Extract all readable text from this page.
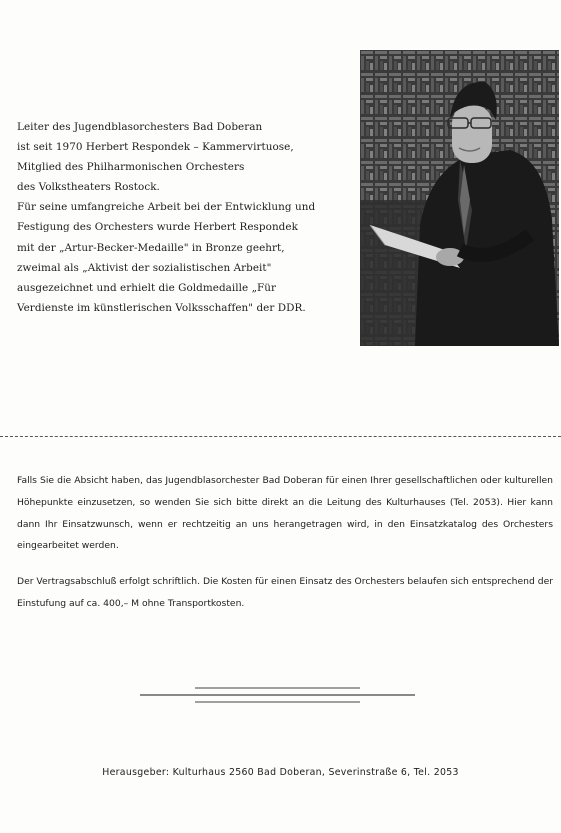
Leiter des Jugendblasorchesters Bad Doberan
ist seit 1970 Herbert Respondek – Kammervirtuose,
Mitglied des Philharmonischen Orchesters
des Volkstheaters Rostock.
Für seine umfangreiche Arbeit bei der Entwicklung und
Festigung des Orchesters wurde Herbert Respondek
mit der „Artur-Becker-Medaille" in Bronze geehrt,
zweimal als „Aktivist der sozialistischen Arbeit"
ausgezeichnet und erhielt die Goldmedaille „Für
Verdienste im künstlerischen Volksschaffen" der DDR.

Falls Sie die Absicht haben, das Jugendblasorchester Bad Doberan für einen Ihrer gesellschaftlichen oder kulturellen Höhepunkte einzusetzen, so wenden Sie sich bitte direkt an die Leitung des Kulturhauses (Tel. 2053). Hier kann dann Ihr Einsatzwunsch, wenn er rechtzeitig an uns herangetragen wird, in den Einsatzkatalog des Orchesters eingearbeitet werden.

Der Vertragsabschluß erfolgt schriftlich. Die Kosten für einen Einsatz des Orchesters belaufen sich entsprechend der Einstufung auf ca. 400,– M ohne Transportkosten.

Herausgeber: Kulturhaus 2560 Bad Doberan, Severinstraße 6, Tel. 2053
